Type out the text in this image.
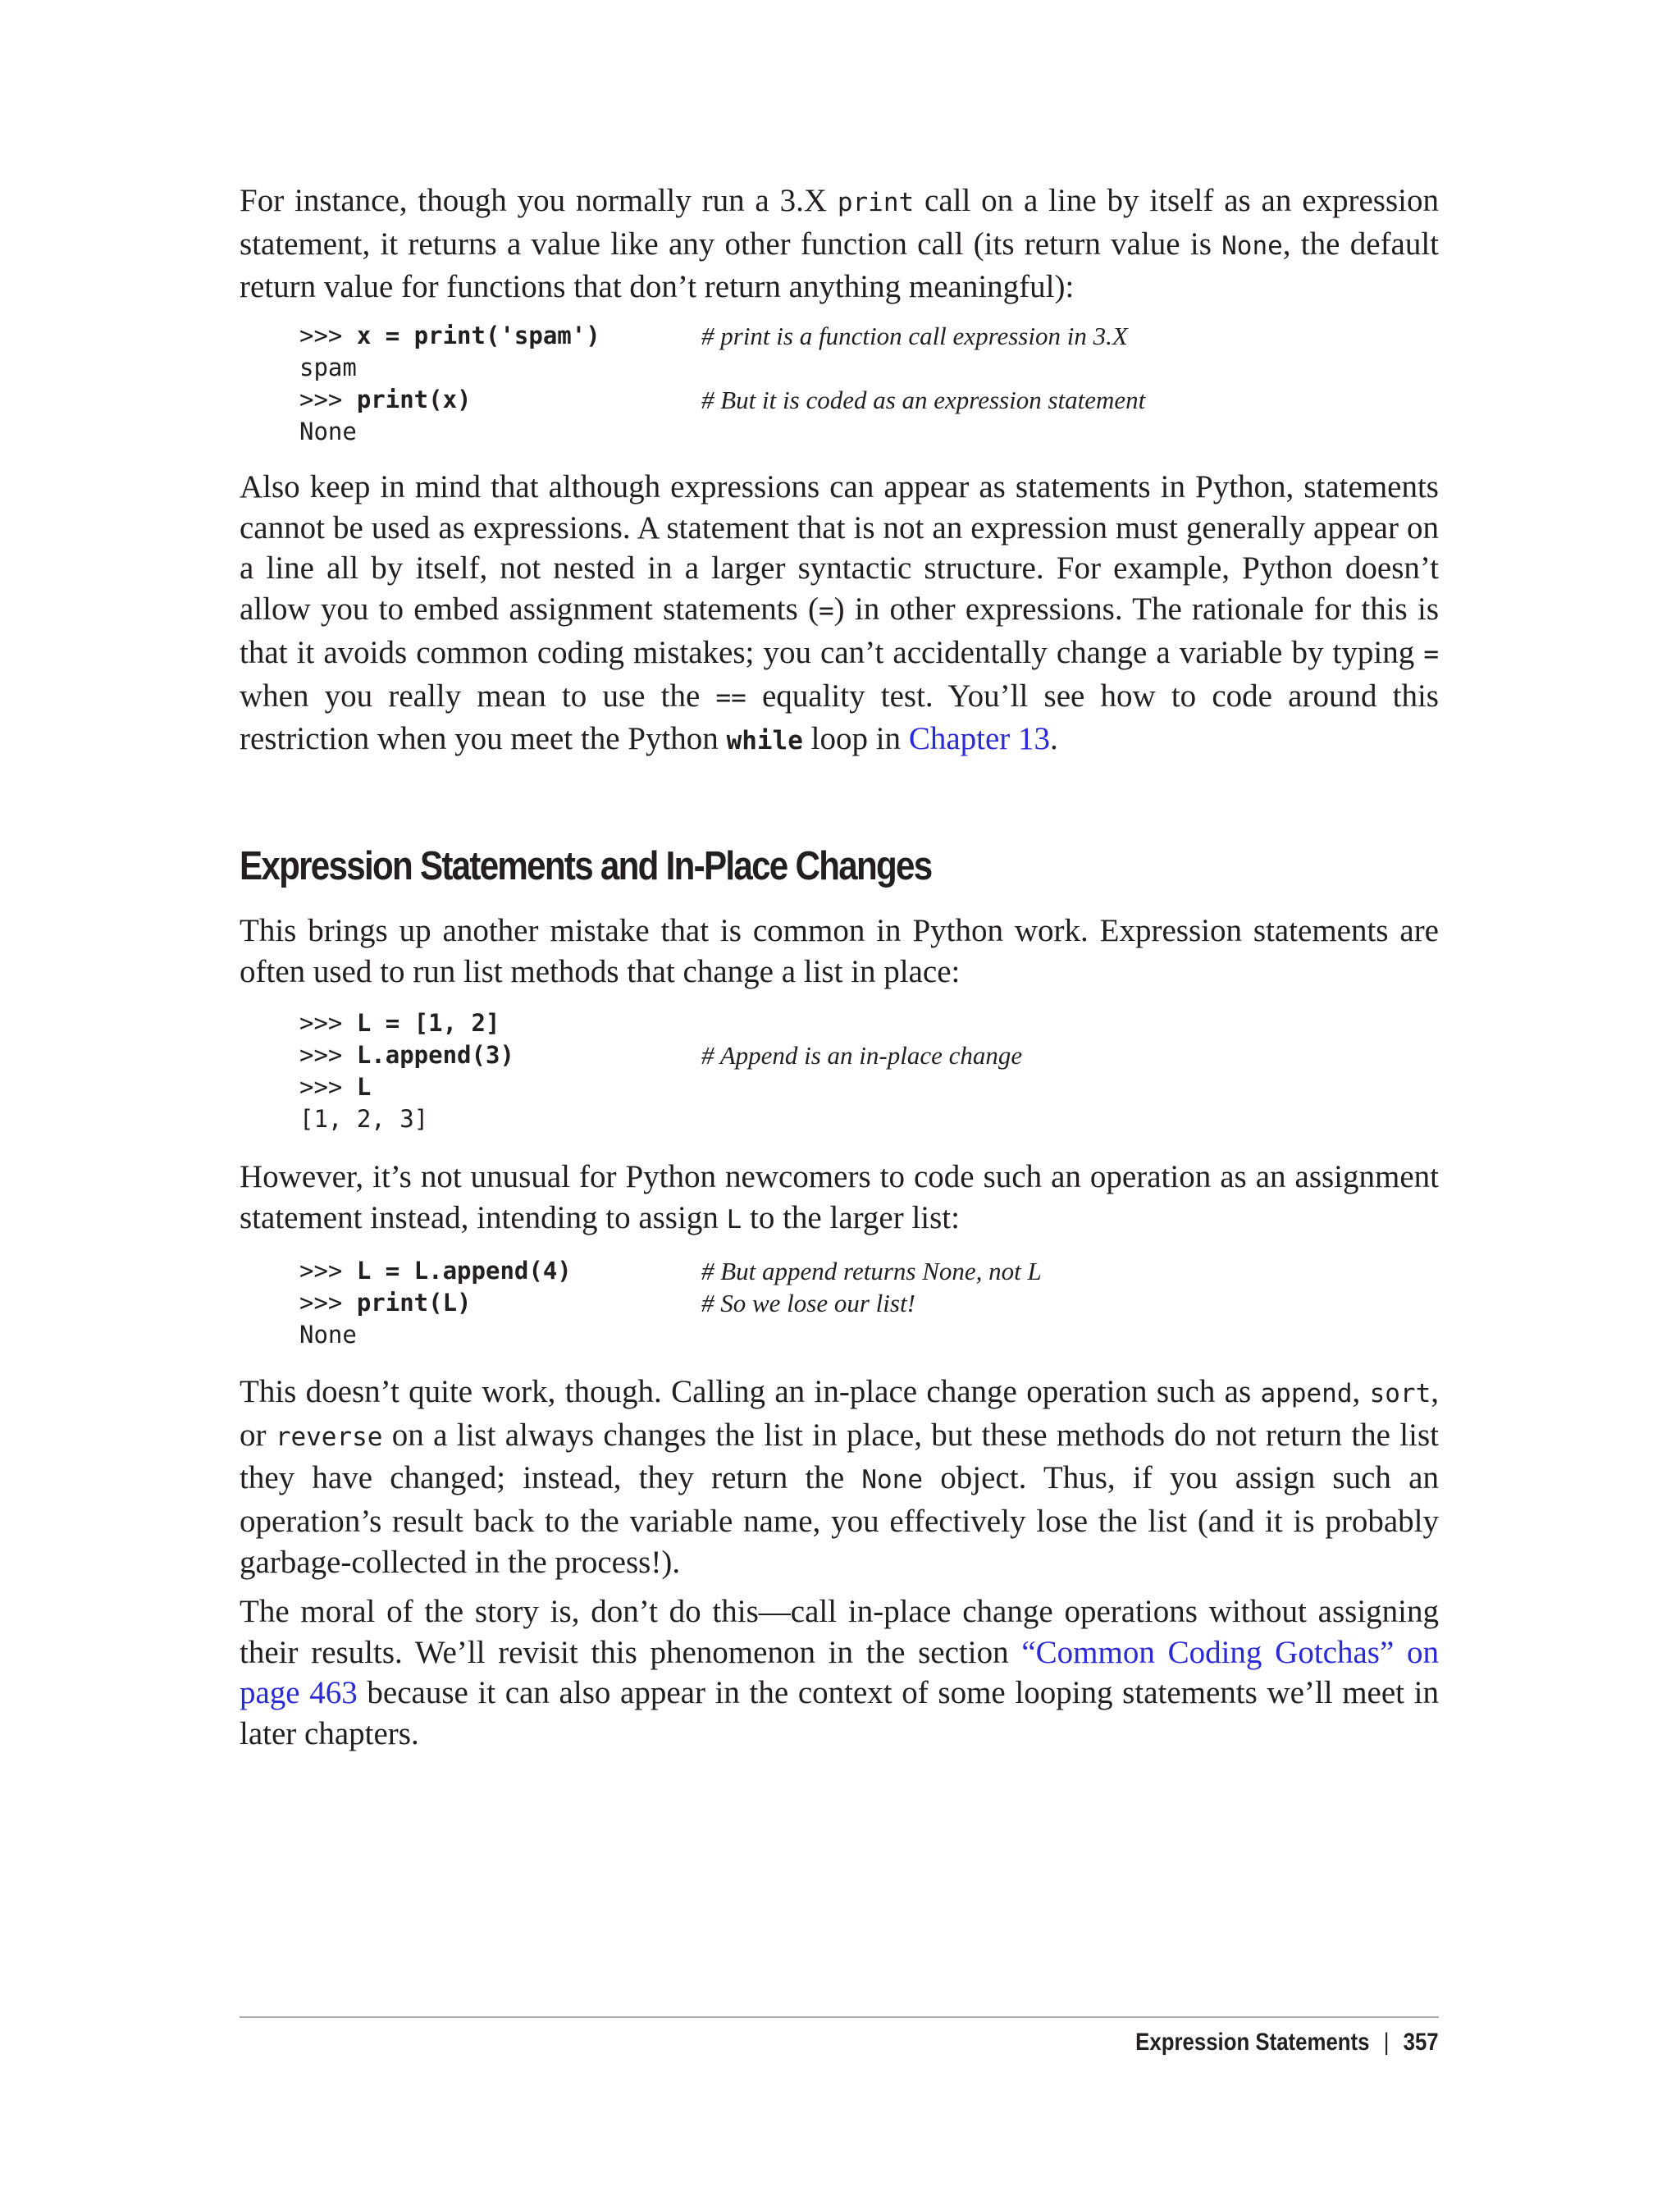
For instance, though you normally run a 3.X print call on a line by itself as an expression statement, it returns a value like any other function call (its return value is None, the default return value for functions that don’t return anything meaningful):

>>> x = print('spam')	# print is a function call expression in 3.X
spam
>>> print(x)	# But it is coded as an expression statement
None

Also keep in mind that although expressions can appear as statements in Python, statements cannot be used as expressions. A statement that is not an expression must generally appear on a line all by itself, not nested in a larger syntactic structure. For example, Python doesn’t allow you to embed assignment statements (=) in other expressions. The rationale for this is that it avoids common coding mistakes; you can’t accidentally change a variable by typing = when you really mean to use the == equality test. You’ll see how to code around this restriction when you meet the Python while loop in Chapter 13.

Expression Statements and In-Place Changes

This brings up another mistake that is common in Python work. Expression statements are often used to run list methods that change a list in place:

>>> L = [1, 2]
>>> L.append(3)	# Append is an in-place change
>>> L
[1, 2, 3]

However, it’s not unusual for Python newcomers to code such an operation as an assignment statement instead, intending to assign L to the larger list:

>>> L = L.append(4)	# But append returns None, not L
>>> print(L)	# So we lose our list!
None

This doesn’t quite work, though. Calling an in-place change operation such as append, sort, or reverse on a list always changes the list in place, but these methods do not return the list they have changed; instead, they return the None object. Thus, if you assign such an operation’s result back to the variable name, you effectively lose the list (and it is probably garbage-collected in the process!).

The moral of the story is, don’t do this—call in-place change operations without assigning their results. We’ll revisit this phenomenon in the section “Common Coding Gotchas” on page 463 because it can also appear in the context of some looping statements we’ll meet in later chapters.

Expression Statements | 357
